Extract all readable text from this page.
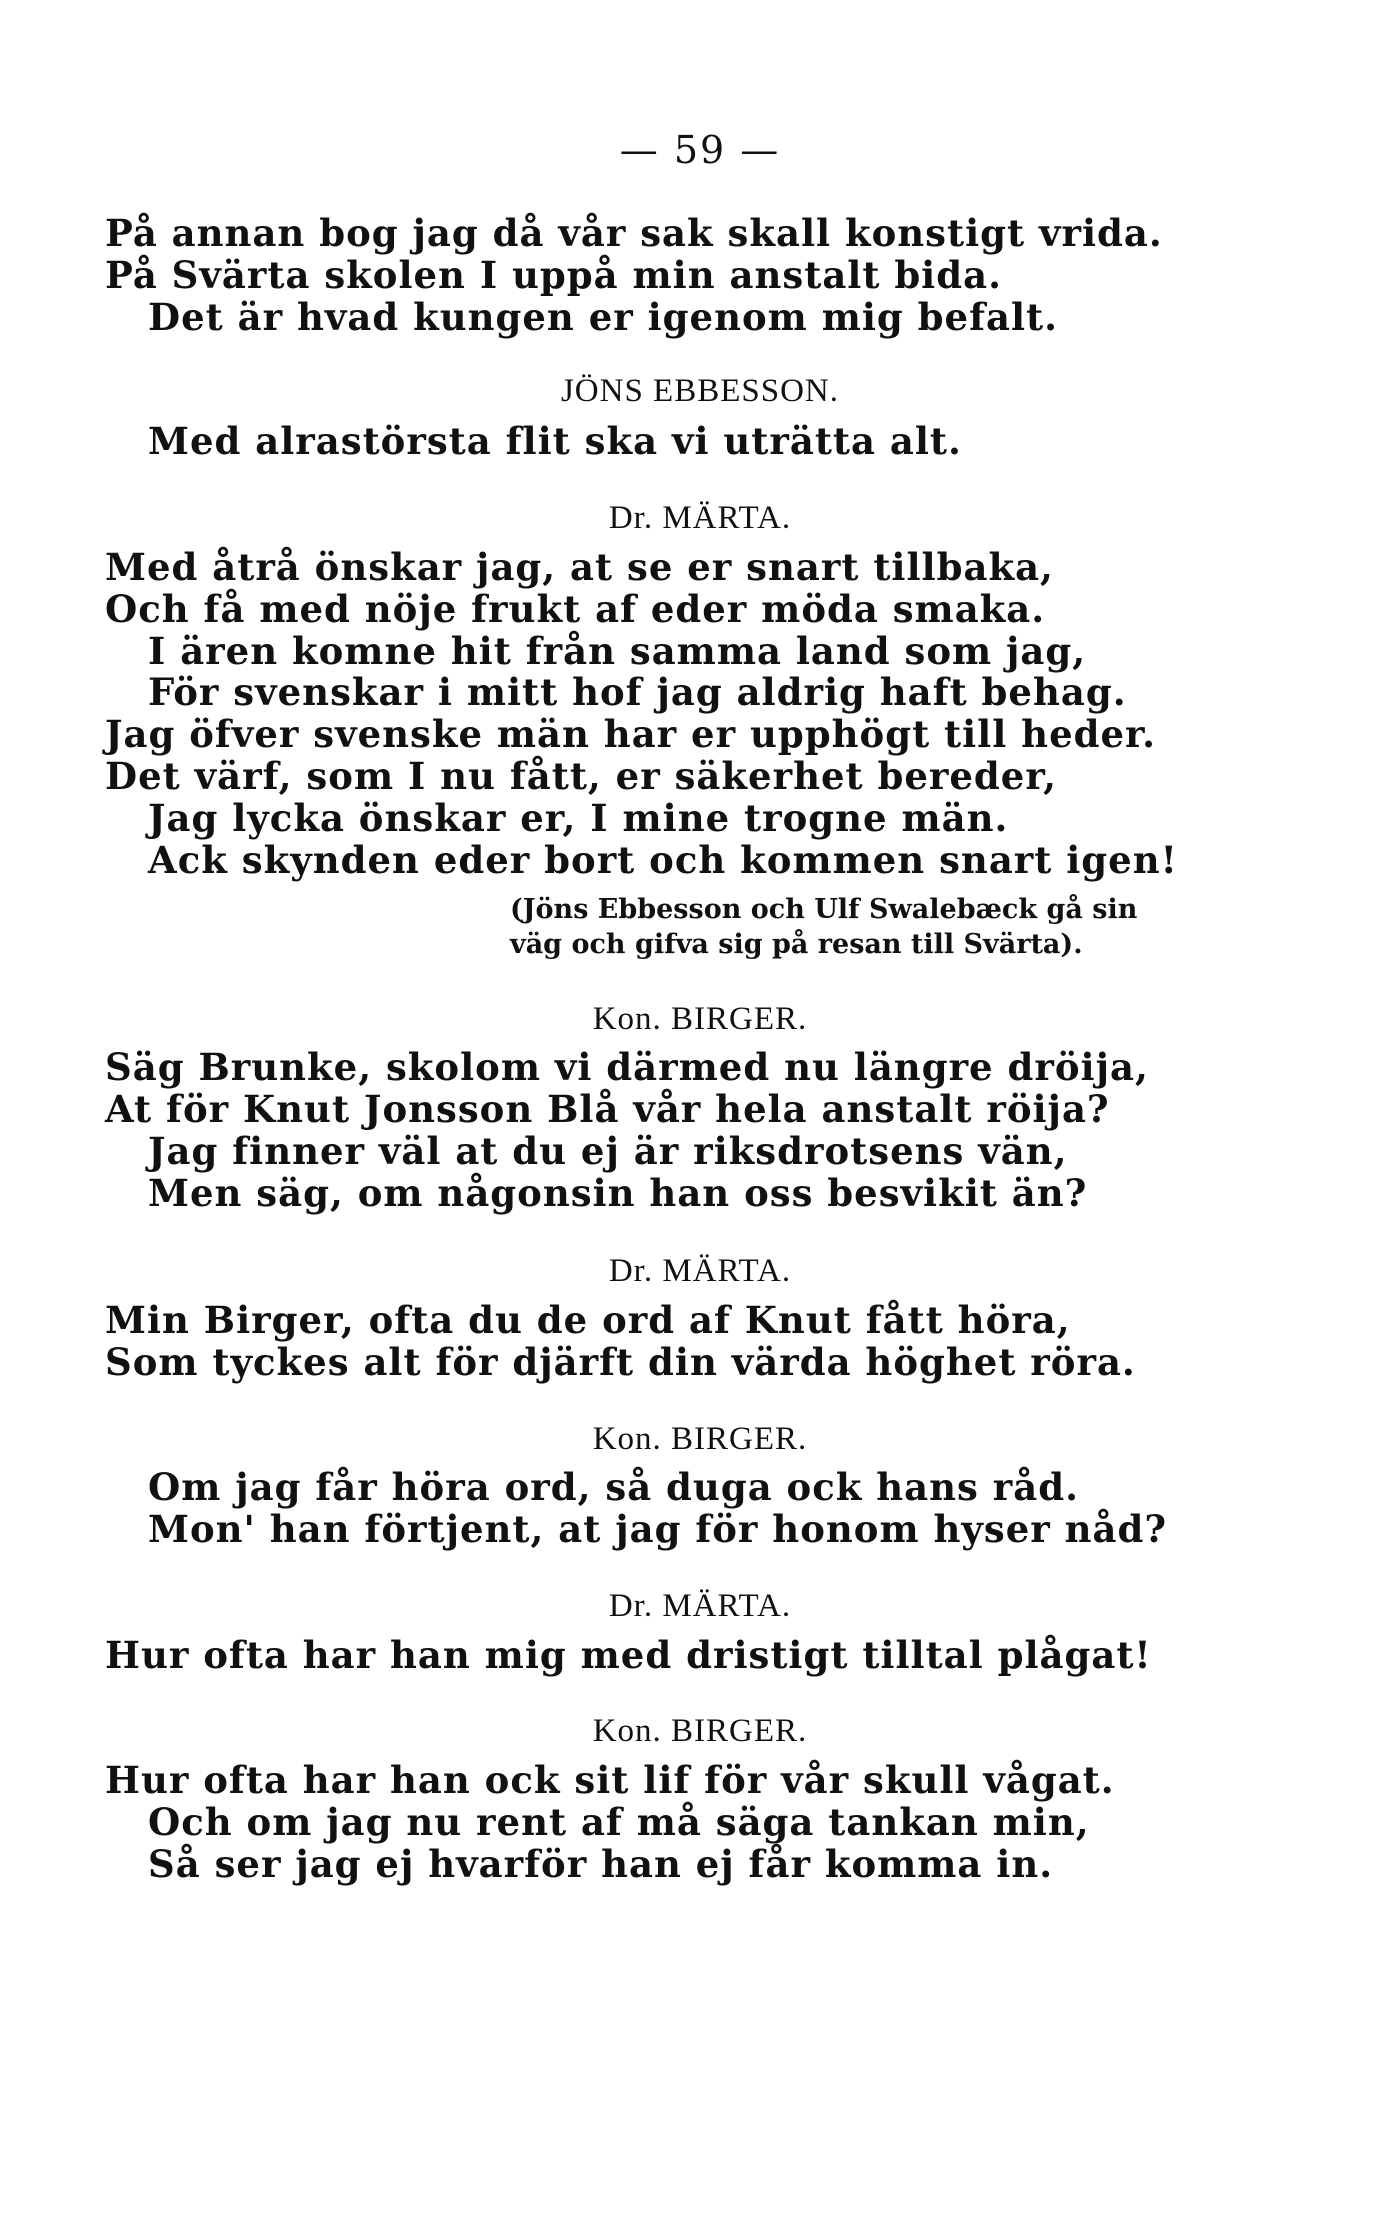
— 59 —
På annan bog jag då vår sak skall konstigt vrida.
På Svärta skolen I uppå min anstalt bida.
Det är hvad kungen er igenom mig befalt.
JÖNS EBBESSON.
Med alrastörsta flit ska vi uträtta alt.
Dr. MÄRTA.
Med åtrå önskar jag, at se er snart tillbaka,
Och få med nöje frukt af eder möda smaka.
I ären komne hit från samma land som jag,
För svenskar i mitt hof jag aldrig haft behag.
Jag öfver svenske män har er upphögt till heder.
Det värf, som I nu fått, er säkerhet bereder,
Jag lycka önskar er, I mine trogne män.
Ack skynden eder bort och kommen snart igen!
(Jöns Ebbesson och Ulf Swalebæck gå sin
väg och gifva sig på resan till Svärta).
Kon. BIRGER.
Säg Brunke, skolom vi därmed nu längre dröija,
At för Knut Jonsson Blå vår hela anstalt röija?
Jag finner väl at du ej är riksdrotsens vän,
Men säg, om någonsin han oss besvikit än?
Dr. MÄRTA.
Min Birger, ofta du de ord af Knut fått höra,
Som tyckes alt för djärft din värda höghet röra.
Kon. BIRGER.
Om jag får höra ord, så duga ock hans råd.
Mon' han förtjent, at jag för honom hyser nåd?
Dr. MÄRTA.
Hur ofta har han mig med dristigt tilltal plågat!
Kon. BIRGER.
Hur ofta har han ock sit lif för vår skull vågat.
Och om jag nu rent af må säga tankan min,
Så ser jag ej hvarför han ej får komma in.
